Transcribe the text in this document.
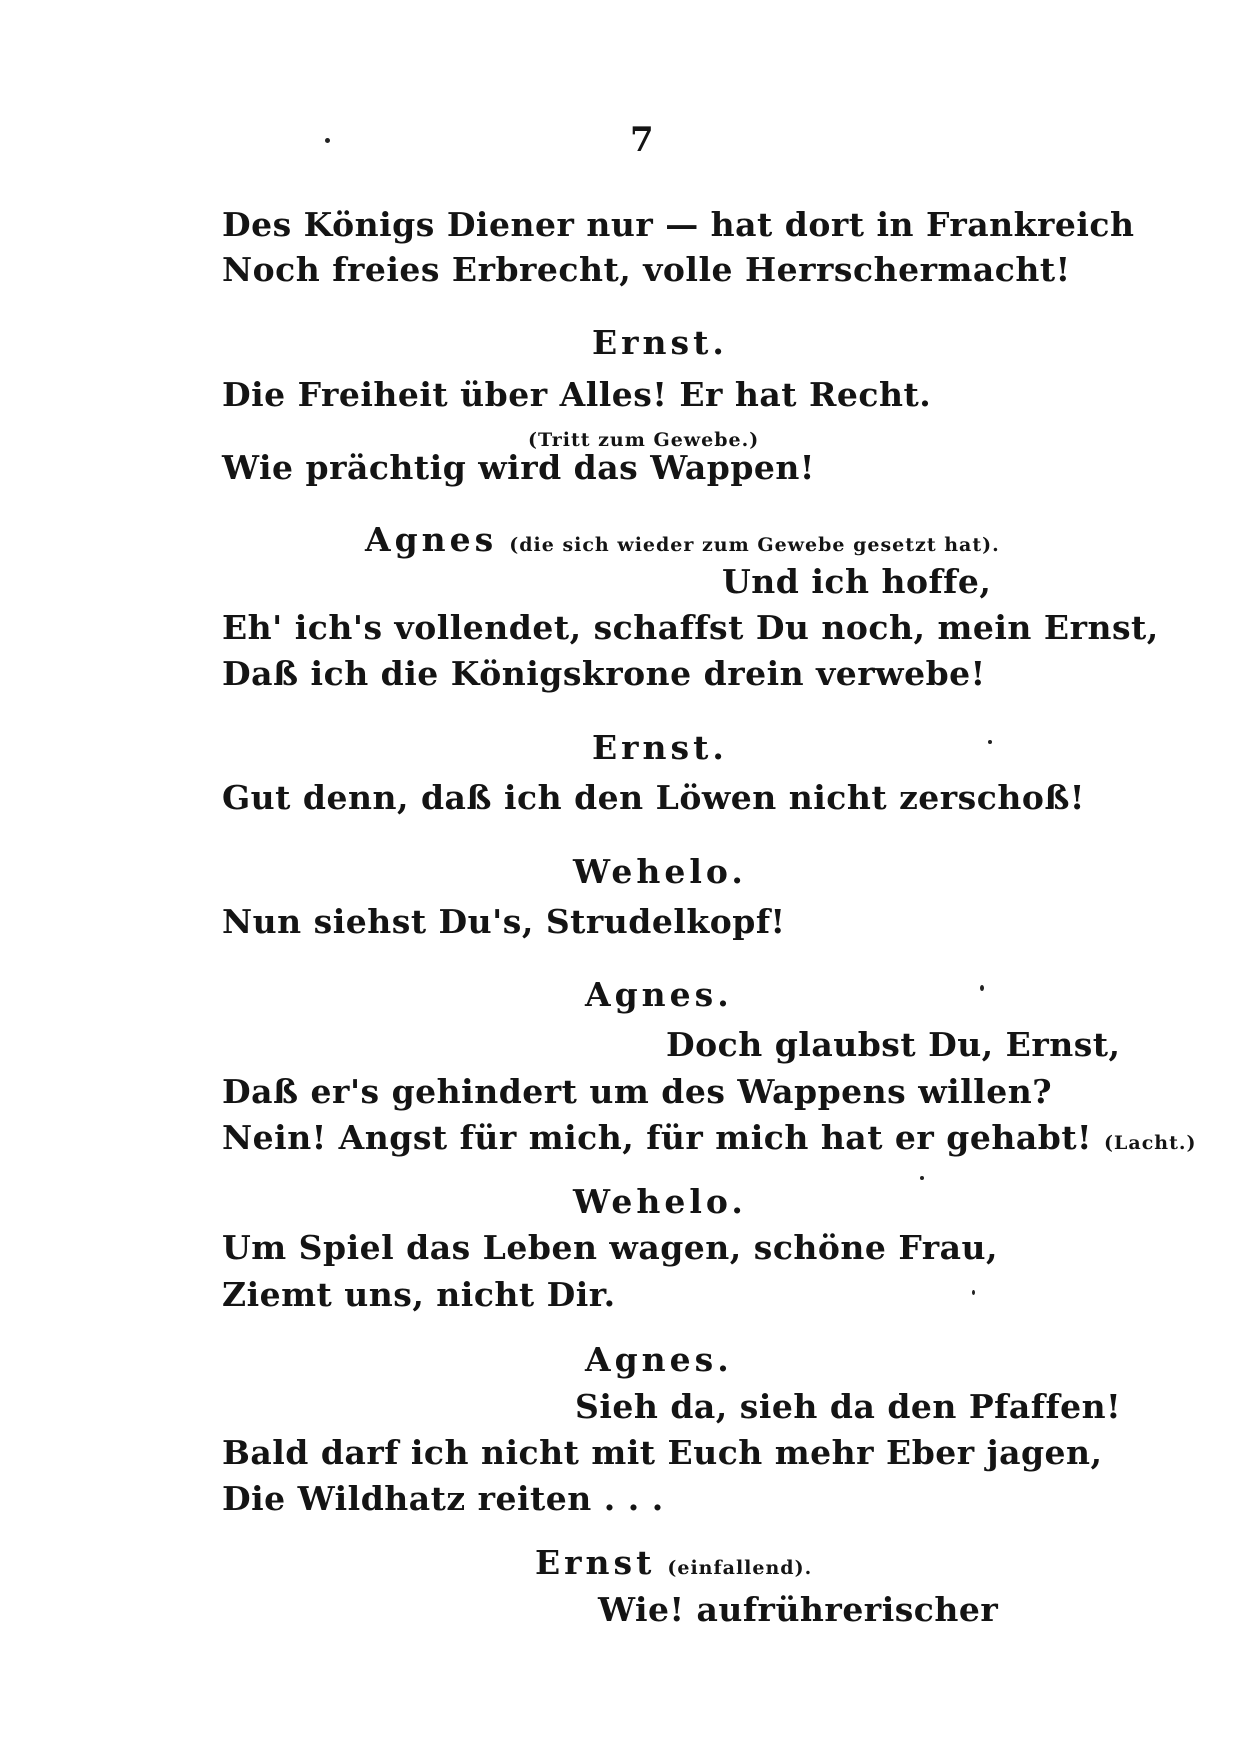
7
Des Königs Diener nur — hat dort in Frankreich
Noch freies Erbrecht, volle Herrschermacht!
Ernst.
Die Freiheit über Alles! Er hat Recht.
(Tritt zum Gewebe.)
Wie prächtig wird das Wappen!
Agnes (die sich wieder zum Gewebe gesetzt hat).
Und ich hoffe,
Eh' ich's vollendet, schaffst Du noch, mein Ernst,
Daß ich die Königskrone drein verwebe!
Ernst.
Gut denn, daß ich den Löwen nicht zerschoß!
Wehelo.
Nun siehst Du's, Strudelkopf!
Agnes.
Doch glaubst Du, Ernst,
Daß er's gehindert um des Wappens willen?
Nein! Angst für mich, für mich hat er gehabt! (Lacht.)
Wehelo.
Um Spiel das Leben wagen, schöne Frau,
Ziemt uns, nicht Dir.
Agnes.
Sieh da, sieh da den Pfaffen!
Bald darf ich nicht mit Euch mehr Eber jagen,
Die Wildhatz reiten . . .
Ernst (einfallend).
Wie! aufrührerischer
